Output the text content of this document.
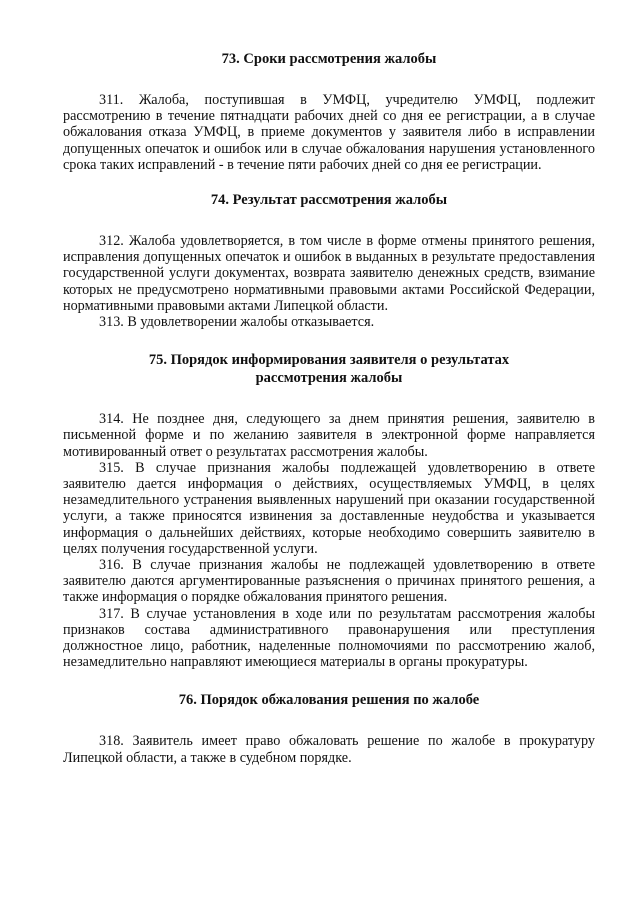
73. Сроки рассмотрения жалобы

311. Жалоба, поступившая в УМФЦ, учредителю УМФЦ, подлежит рассмотрению в течение пятнадцати рабочих дней со дня ее регистрации, а в случае обжалования отказа УМФЦ, в приеме документов у заявителя либо в исправлении допущенных опечаток и ошибок или в случае обжалования нарушения установленного срока таких исправлений - в течение пяти рабочих дней со дня ее регистрации.

74. Результат рассмотрения жалобы

312. Жалоба удовлетворяется, в том числе в форме отмены принятого решения, исправления допущенных опечаток и ошибок в выданных в результате предоставления государственной услуги документах, возврата заявителю денежных средств, взимание которых не предусмотрено нормативными правовыми актами Российской Федерации, нормативными правовыми актами Липецкой области.

313. В удовлетворении жалобы отказывается.

75. Порядок информирования заявителя о результатах
рассмотрения жалобы

314. Не позднее дня, следующего за днем принятия решения, заявителю в письменной форме и по желанию заявителя в электронной форме направляется мотивированный ответ о результатах рассмотрения жалобы.

315. В случае признания жалобы подлежащей удовлетворению в ответе заявителю дается информация о действиях, осуществляемых УМФЦ, в целях незамедлительного устранения выявленных нарушений при оказании государственной услуги, а также приносятся извинения за доставленные неудобства и указывается информация о дальнейших действиях, которые необходимо совершить заявителю в целях получения государственной услуги.

316. В случае признания жалобы не подлежащей удовлетворению в ответе заявителю даются аргументированные разъяснения о причинах принятого решения, а также информация о порядке обжалования принятого решения.

317. В случае установления в ходе или по результатам рассмотрения жалобы признаков состава административного правонарушения или преступления должностное лицо, работник, наделенные полномочиями по рассмотрению жалоб, незамедлительно направляют имеющиеся материалы в органы прокуратуры.

76. Порядок обжалования решения по жалобе

318. Заявитель имеет право обжаловать решение по жалобе в прокуратуру Липецкой области, а также в судебном порядке.
